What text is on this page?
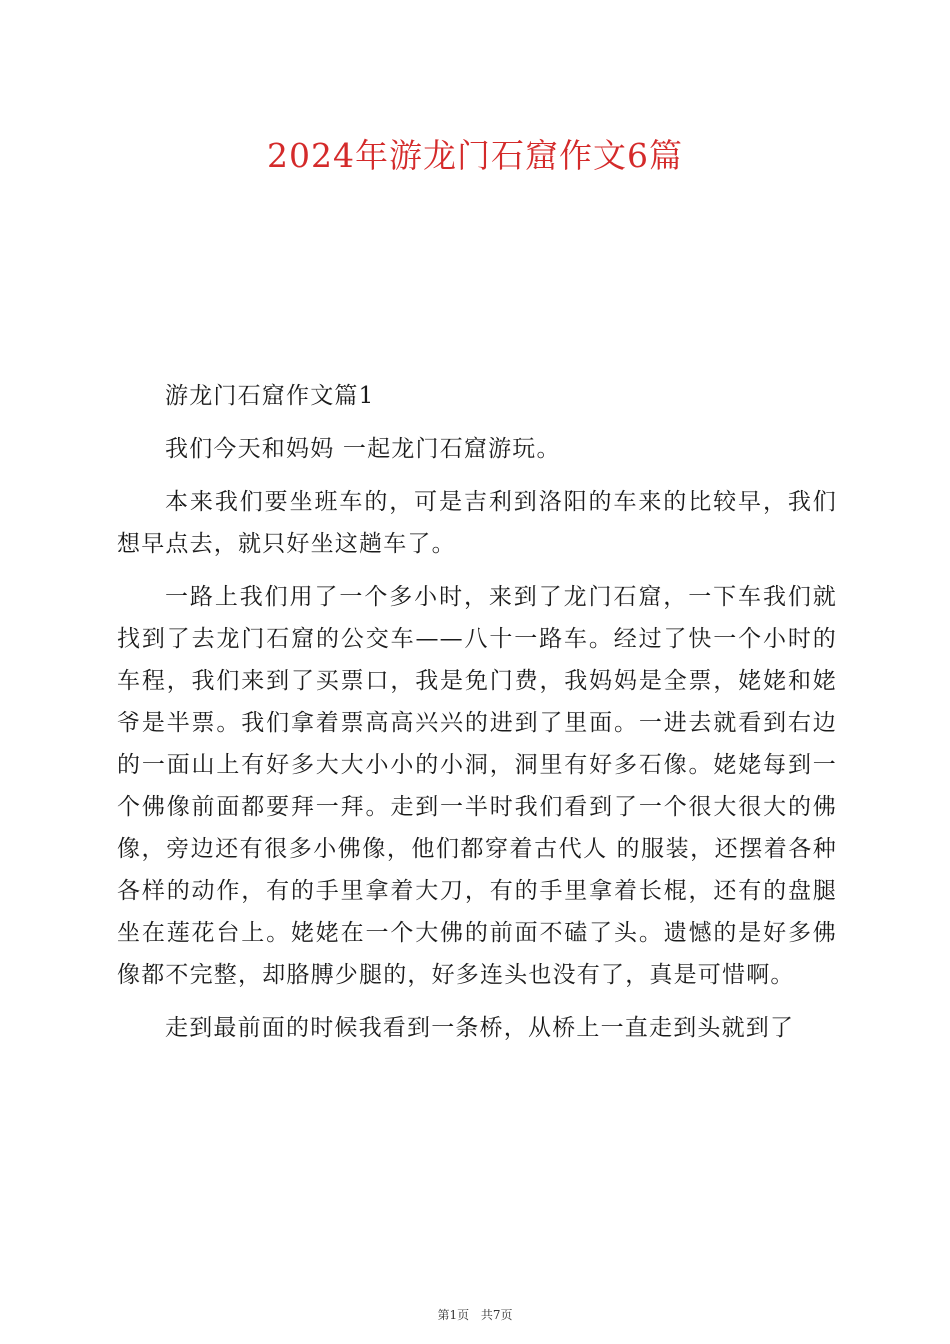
2024年游龙门石窟作文6篇

游龙门石窟作文篇1

我们今天和妈妈 一起龙门石窟游玩。

本来我们要坐班车的，可是吉利到洛阳的车来的比较早，我们想早点去，就只好坐这趟车了。

一路上我们用了一个多小时，来到了龙门石窟，一下车我们就找到了去龙门石窟的公交车——八十一路车。经过了快一个小时的车程，我们来到了买票口，我是免门费，我妈妈是全票，姥姥和姥爷是半票。我们拿着票高高兴兴的进到了里面。一进去就看到右边的一面山上有好多大大小小的小洞，洞里有好多石像。姥姥每到一个佛像前面都要拜一拜。走到一半时我们看到了一个很大很大的佛像，旁边还有很多小佛像，他们都穿着古代人 的服装，还摆着各种各样的动作，有的手里拿着大刀，有的手里拿着长棍，还有的盘腿坐在莲花台上。姥姥在一个大佛的前面不磕了头。遗憾的是好多佛像都不完整，却胳膊少腿的，好多连头也没有了，真是可惜啊。

走到最前面的时候我看到一条桥，从桥上一直走到头就到了

第1页 共7页
